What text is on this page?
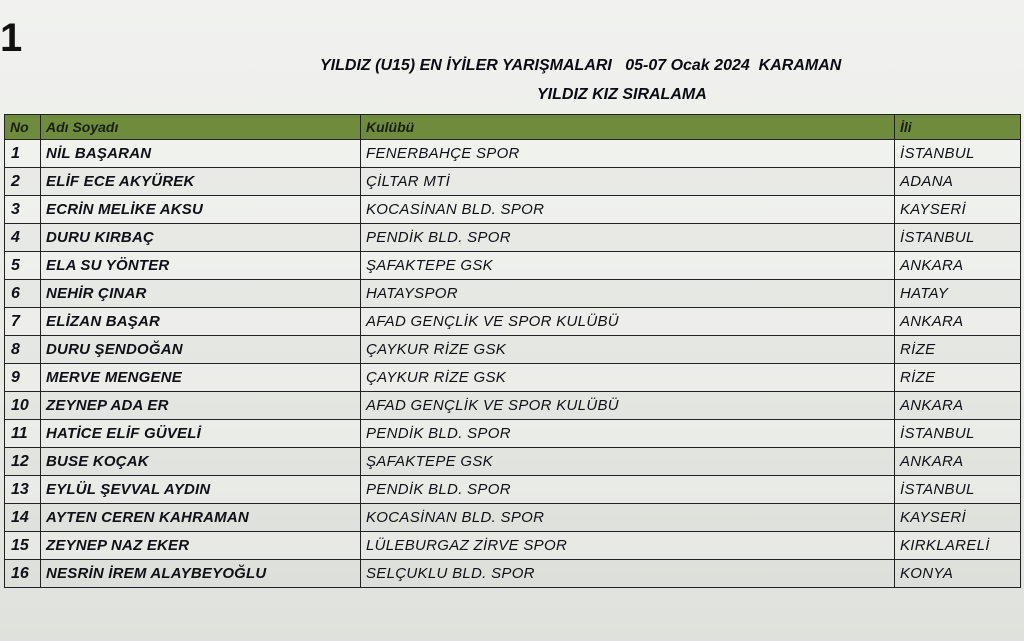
1
YILDIZ (U15) EN İYİLER YARIŞMALARI   05-07 Ocak 2024  KARAMAN
YILDIZ KIZ SIRALAMA
No	Adı Soyadı	Kulübü	İli
1	NİL BAŞARAN	FENERBAHÇE SPOR	İSTANBUL
2	ELİF ECE AKYÜREK	ÇİLTAR MTİ	ADANA
3	ECRİN MELİKE AKSU	KOCASİNAN BLD. SPOR	KAYSERİ
4	DURU KIRBAÇ	PENDİK BLD. SPOR	İSTANBUL
5	ELA SU YÖNTER	ŞAFAKTEPE GSK	ANKARA
6	NEHİR ÇINAR	HATAYSPOR	HATAY
7	ELİZAN BAŞAR	AFAD GENÇLİK VE SPOR KULÜBÜ	ANKARA
8	DURU ŞENDOĞAN	ÇAYKUR RİZE GSK	RİZE
9	MERVE MENGENE	ÇAYKUR RİZE GSK	RİZE
10	ZEYNEP ADA ER	AFAD GENÇLİK VE SPOR KULÜBÜ	ANKARA
11	HATİCE ELİF GÜVELİ	PENDİK BLD. SPOR	İSTANBUL
12	BUSE KOÇAK	ŞAFAKTEPE GSK	ANKARA
13	EYLÜL ŞEVVAL AYDIN	PENDİK BLD. SPOR	İSTANBUL
14	AYTEN CEREN KAHRAMAN	KOCASİNAN BLD. SPOR	KAYSERİ
15	ZEYNEP NAZ EKER	LÜLEBURGAZ ZİRVE SPOR	KIRKLARELİ
16	NESRİN İREM ALAYBEYOĞLU	SELÇUKLU BLD. SPOR	KONYA
